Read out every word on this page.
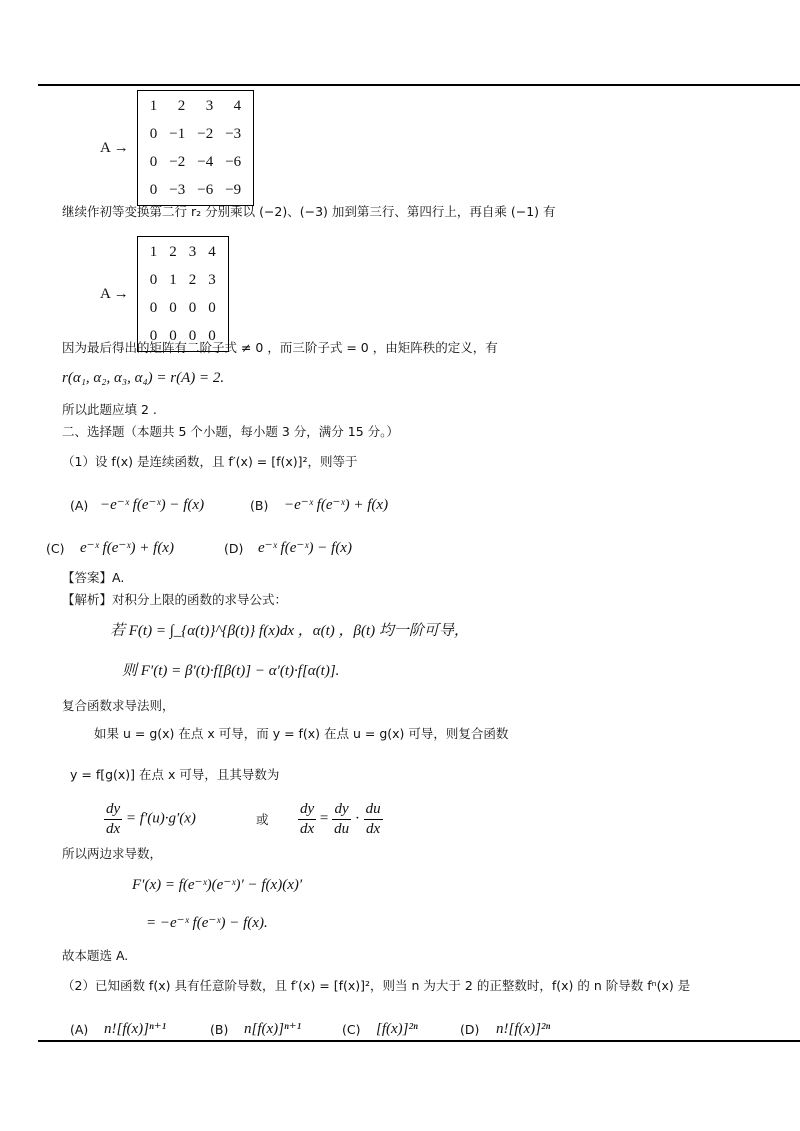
A →
1	2	3	4
0	−1	−2	−3
0	−2	−4	−6
0	−3	−6	−9
继续作初等变换第二行 r₂ 分别乘以 (−2)、(−3) 加到第三行、第四行上，再自乘 (−1) 有
A →
1	2	3	4
0	1	2	3
0	0	0	0
0	0	0	0
因为最后得出的矩阵有二阶子式 ≠ 0 ，而三阶子式 = 0 ，由矩阵秩的定义，有
r(α₁, α₂, α₃, α₄) = r(A) = 2.
所以此题应填 2 .
二、选择题（本题共 5 个小题，每小题 3 分，满分 15 分。）
（1）设 f(x) 是连续函数，且 f′(x) = [f(x)]²，则等于
(A) −e⁻ˣ f(e⁻ˣ) − f(x)	(B) −e⁻ˣ f(e⁻ˣ) + f(x)
(C) e⁻ˣ f(e⁻ˣ) + f(x)	(D) e⁻ˣ f(e⁻ˣ) − f(x)
【答案】A.
【解析】对积分上限的函数的求导公式：
若 F(t) = ∫_{α(t)}^{β(t)} f(x)dx ，α(t) ，β(t) 均一阶可导，
则 F′(t) = β′(t)·f[β(t)] − α′(t)·f[α(t)].
复合函数求导法则，
如果 u = g(x) 在点 x 可导，而 y = f(x) 在点 u = g(x) 可导，则复合函数
y = f[g(x)] 在点 x 可导，且其导数为
$\frac{dy}{dx} = f'(u)\cdot g'(x)$	或 $\frac{dy}{dx} = \frac{dy}{du} \cdot \frac{du}{dx}$
所以两边求导数，
F′(x) = f(e⁻ˣ)(e⁻ˣ)′ − f(x)(x)′
= −e⁻ˣ f(e⁻ˣ) − f(x).
故本题选 A.
（2）已知函数 f(x) 具有任意阶导数，且 f′(x) = [f(x)]²，则当 n 为大于 2 的正整数时，f(x) 的 n 阶导数 fⁿ(x) 是
(A) n![f(x)]ⁿ⁺¹	(B) n[f(x)]ⁿ⁺¹	(C) [f(x)]²ⁿ	(D) n![f(x)]²ⁿ
